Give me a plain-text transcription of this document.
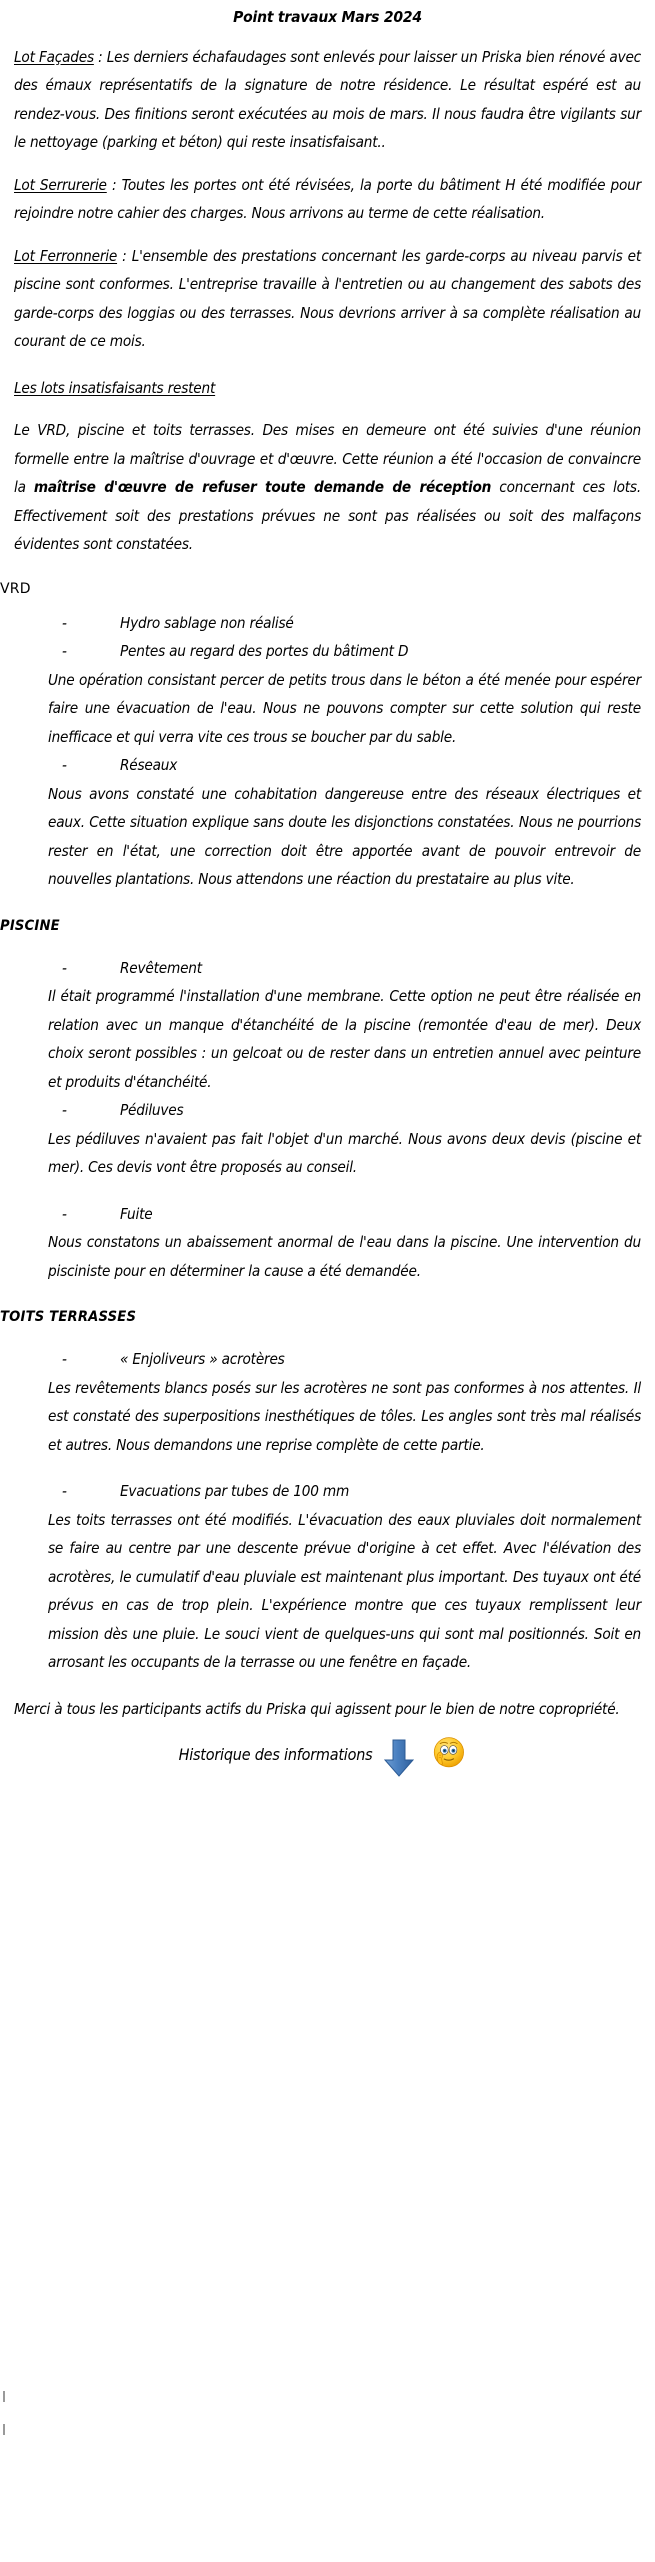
Point travaux Mars 2024

Lot Façades : Les derniers échafaudages sont enlevés pour laisser un Priska bien rénové avec des émaux représentatifs de la signature de notre résidence. Le résultat espéré est au rendez-vous. Des finitions seront exécutées au mois de mars. Il nous faudra être vigilants sur le nettoyage (parking et béton) qui reste insatisfaisant..

Lot Serrurerie : Toutes les portes ont été révisées, la porte du bâtiment H été modifiée pour rejoindre notre cahier des charges. Nous arrivons au terme de cette réalisation.

Lot Ferronnerie : L'ensemble des prestations concernant les garde-corps au niveau parvis et piscine sont conformes. L'entreprise travaille à l'entretien ou au changement des sabots des garde-corps des loggias ou des terrasses. Nous devrions arriver à sa complète réalisation au courant de ce mois.

Les lots insatisfaisants restent

Le VRD, piscine et toits terrasses. Des mises en demeure ont été suivies d'une réunion formelle entre la maîtrise d'ouvrage et d'œuvre. Cette réunion a été l'occasion de convaincre la maîtrise d'œuvre de refuser toute demande de réception concernant ces lots. Effectivement soit des prestations prévues ne sont pas réalisées ou soit des malfaçons évidentes sont constatées.

VRD
-	Hydro sablage non réalisé
-	Pentes au regard des portes du bâtiment D

Une opération consistant percer de petits trous dans le béton a été menée pour espérer faire une évacuation de l'eau. Nous ne pouvons compter sur cette solution qui reste inefficace et qui verra vite ces trous se boucher par du sable.

-	Réseaux

Nous avons constaté une cohabitation dangereuse entre des réseaux électriques et eaux. Cette situation explique sans doute les disjonctions constatées. Nous ne pourrions rester en l'état, une correction doit être apportée avant de pouvoir entrevoir de nouvelles plantations. Nous attendons une réaction du prestataire au plus vite.

PISCINE
-	Revêtement

Il était programmé l'installation d'une membrane. Cette option ne peut être réalisée en relation avec un manque d'étanchéité de la piscine (remontée d'eau de mer). Deux choix seront possibles : un gelcoat ou de rester dans un entretien annuel avec peinture et produits d'étanchéité.

-	Pédiluves

Les pédiluves n'avaient pas fait l'objet d'un marché. Nous avons deux devis (piscine et mer). Ces devis vont être proposés au conseil.

-	Fuite

Nous constatons un abaissement anormal de l'eau dans la piscine. Une intervention du pisciniste pour en déterminer la cause a été demandée.

TOITS TERRASSES
-	« Enjoliveurs » acrotères

Les revêtements blancs posés sur les acrotères ne sont pas conformes à nos attentes. Il est constaté des superpositions inesthétiques de tôles. Les angles sont très mal réalisés et autres. Nous demandons une reprise complète de cette partie.

-	Evacuations par tubes de 100 mm

Les toits terrasses ont été modifiés. L'évacuation des eaux pluviales doit normalement se faire au centre par une descente prévue d'origine à cet effet. Avec l'élévation des acrotères, le cumulatif d'eau pluviale est maintenant plus important. Des tuyaux ont été prévus en cas de trop plein. L'expérience montre que ces tuyaux remplissent leur mission dès une pluie. Le souci vient de quelques-uns qui sont mal positionnés. Soit en arrosant les occupants de la terrasse ou une fenêtre en façade.

Merci à tous les participants actifs du Priska qui agissent pour le bien de notre copropriété.

Historique des informations
